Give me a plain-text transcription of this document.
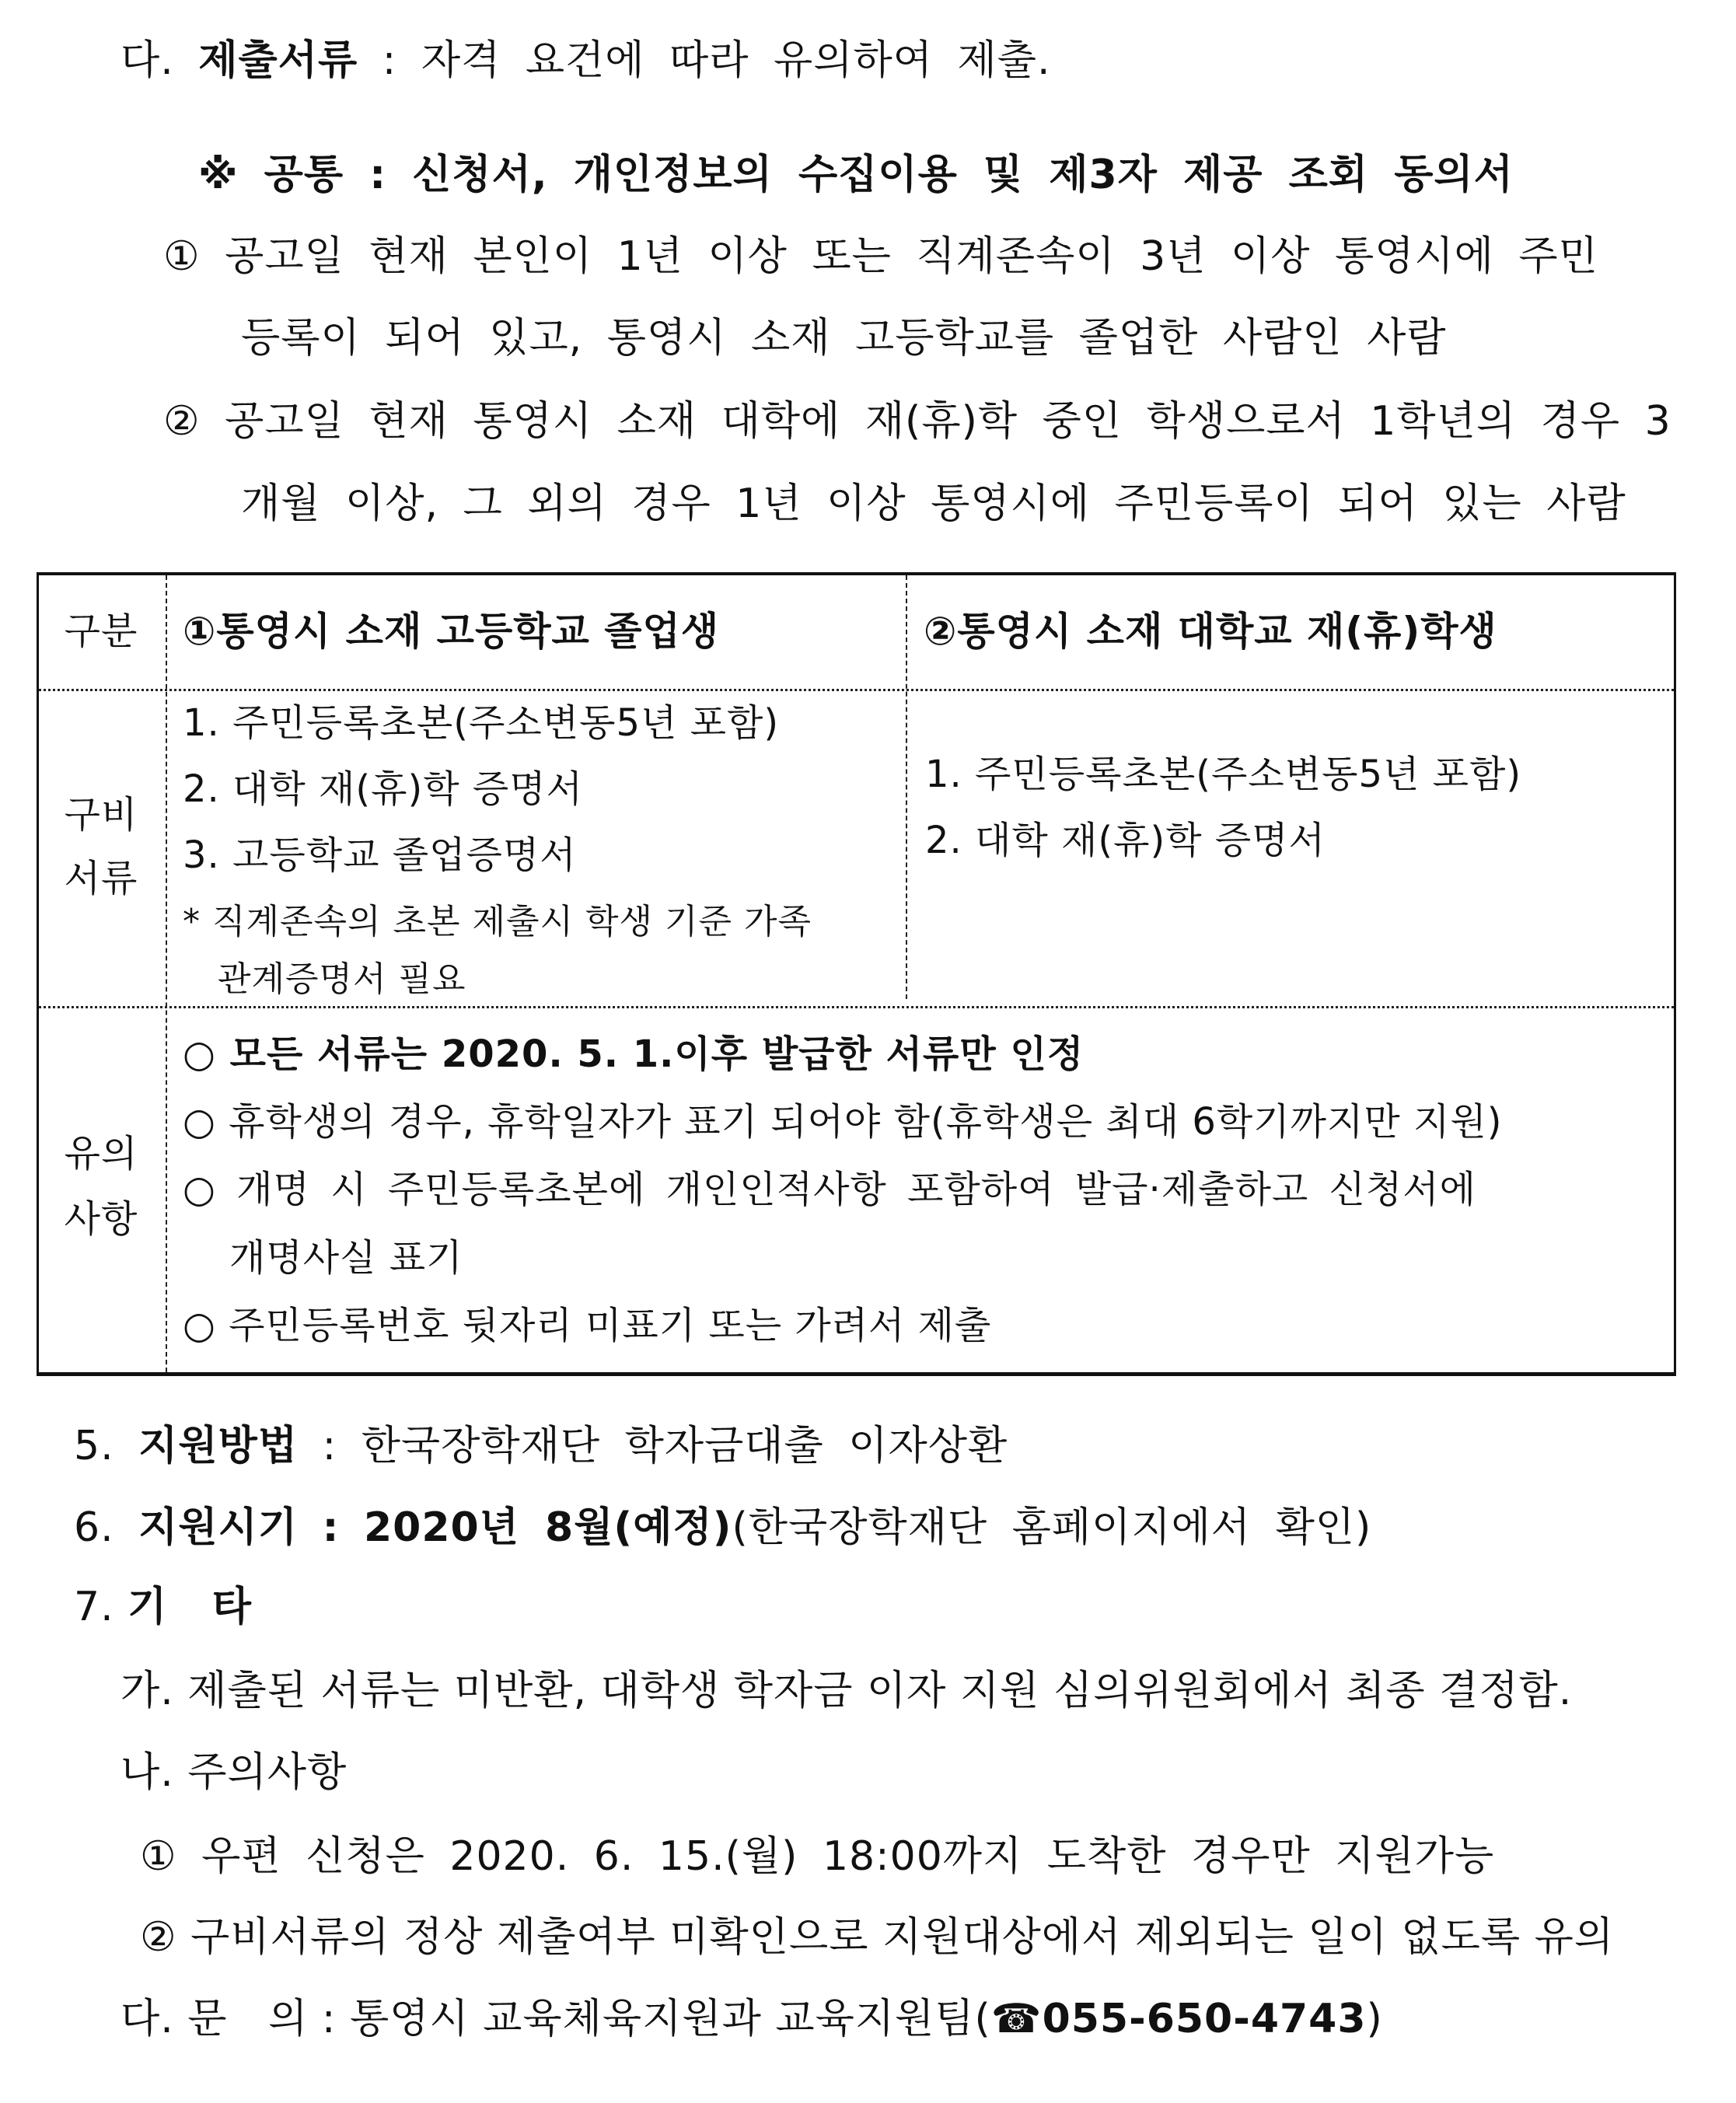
다. 제출서류 : 자격 요건에 따라 유의하여 제출.
※ 공통 : 신청서, 개인정보의 수집이용 및 제3자 제공 조회 동의서
① 공고일 현재 본인이 1년 이상 또는 직계존속이 3년 이상 통영시에 주민
등록이 되어 있고, 통영시 소재 고등학교를 졸업한 사람인 사람
② 공고일 현재 통영시 소재 대학에 재(휴)학 중인 학생으로서 1학년의 경우 3
개월 이상, 그 외의 경우 1년 이상 통영시에 주민등록이 되어 있는 사람
구분	①통영시 소재 고등학교 졸업생	②통영시 소재 대학교 재(휴)학생
구비
서류
1. 주민등록초본(주소변동5년 포함)
2. 대학 재(휴)학 증명서
3. 고등학교 졸업증명서
* 직계존속의 초본 제출시 학생 기준 가족
관계증명서 필요
1. 주민등록초본(주소변동5년 포함)
2. 대학 재(휴)학 증명서
유의
사항
○ 모든 서류는 2020. 5. 1.이후 발급한 서류만 인정
○ 휴학생의 경우, 휴학일자가 표기 되어야 함(휴학생은 최대 6학기까지만 지원)
○ 개명 시 주민등록초본에 개인인적사항 포함하여 발급·제출하고 신청서에
개명사실 표기
○ 주민등록번호 뒷자리 미표기 또는 가려서 제출
5. 지원방법 : 한국장학재단 학자금대출 이자상환
6. 지원시기 : 2020년 8월(예정)(한국장학재단 홈페이지에서 확인)
7. 기   타
가. 제출된 서류는 미반환, 대학생 학자금 이자 지원 심의위원회에서 최종 결정함.
나. 주의사항
① 우편 신청은 2020. 6. 15.(월) 18:00까지 도착한 경우만 지원가능
② 구비서류의 정상 제출여부 미확인으로 지원대상에서 제외되는 일이 없도록 유의
다. 문   의 : 통영시 교육체육지원과 교육지원팀(☎055-650-4743)
